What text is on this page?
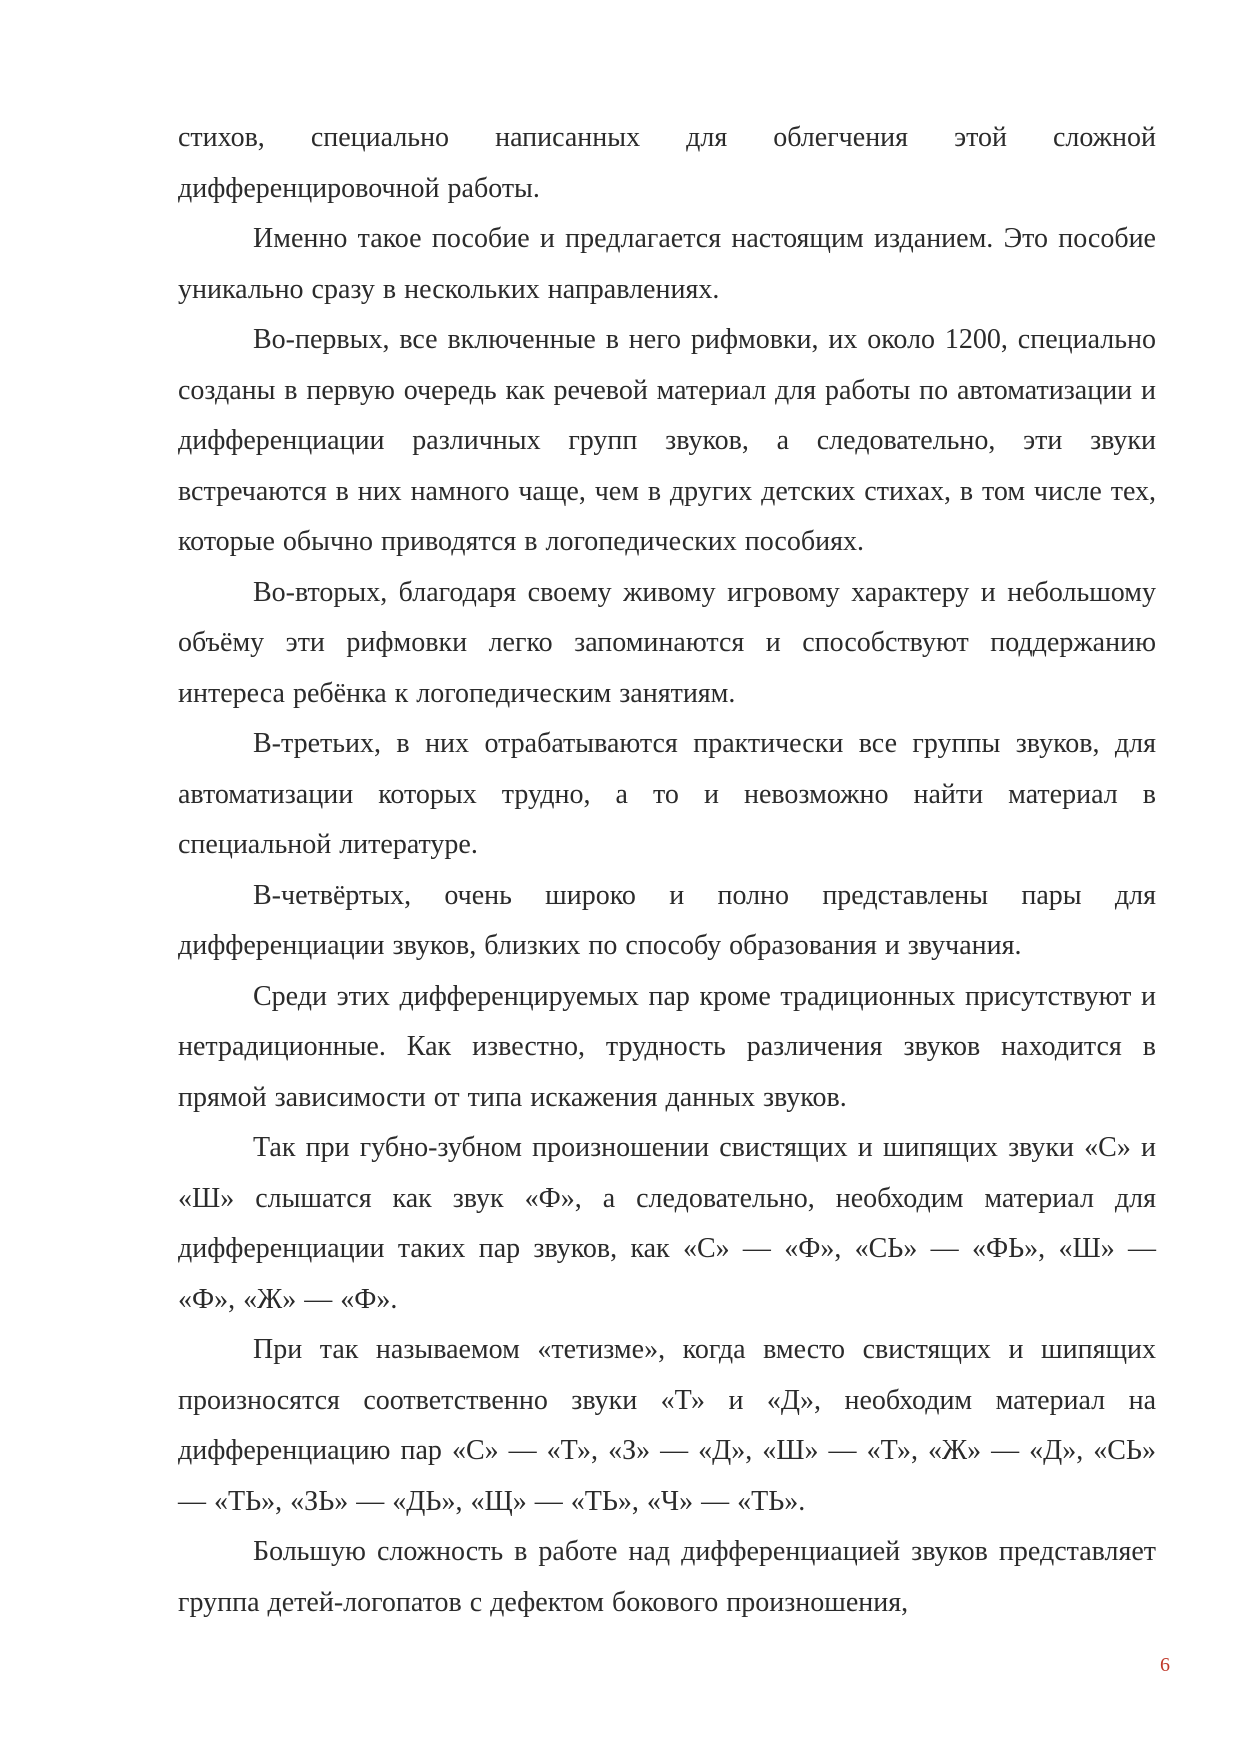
стихов, специально написанных для облегчения этой сложной дифференцировочной работы.

Именно такое пособие и предлагается настоящим изданием. Это пособие уникально сразу в нескольких направлениях.

Во-первых, все включенные в него рифмовки, их около 1200, специально созданы в первую очередь как речевой материал для работы по автоматизации и дифференциации различных групп звуков, а следовательно, эти звуки встречаются в них намного чаще, чем в других детских стихах, в том числе тех, которые обычно приводятся в логопедических пособиях.

Во-вторых, благодаря своему живому игровому характеру и небольшому объёму эти рифмовки легко запоминаются и способствуют поддержанию интереса ребёнка к логопедическим занятиям.

В-третьих, в них отрабатываются практически все группы звуков, для автоматизации которых трудно, а то и невозможно найти материал в специальной литературе.

В-четвёртых, очень широко и полно представлены пары для дифференциации звуков, близких по способу образования и звучания.

Среди этих дифференцируемых пар кроме традиционных присутствуют и нетрадиционные. Как известно, трудность различения звуков находится в прямой зависимости от типа искажения данных звуков.

Так при губно-зубном произношении свистящих и шипящих звуки «С» и «Ш» слышатся как звук «Ф», а следовательно, необходим материал для дифференциации таких пар звуков, как «С» — «Ф», «СЬ» — «ФЬ», «Ш» — «Ф», «Ж» — «Ф».

При так называемом «тетизме», когда вместо свистящих и шипящих произносятся соответственно звуки «Т» и «Д», необходим материал на дифференциацию пар «С» — «Т», «З» — «Д», «Ш» — «Т», «Ж» — «Д», «СЬ» — «ТЬ», «ЗЬ» — «ДЬ», «Щ» — «ТЬ», «Ч» — «ТЬ».

Большую сложность в работе над дифференциацией звуков представляет группа детей-логопатов с дефектом бокового произношения,

6
